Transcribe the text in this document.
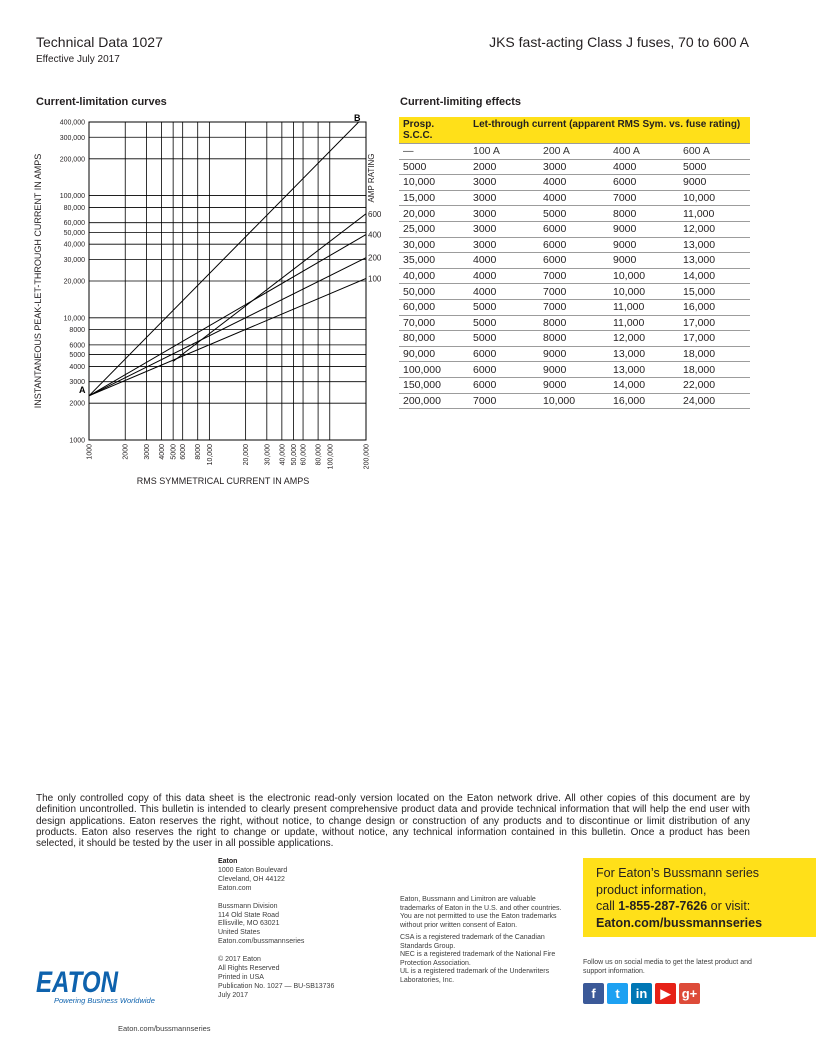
Technical Data 1027
Effective July 2017
JKS fast-acting Class J fuses, 70 to 600 A
Current-limitation curves	Current-limiting effects
1000
2000
3000
4000
5000
6000
8000
10,000
20,000
30,000
40,000
50,000
60,000
80,000
100,000
200,000
300,000
400,000
1000	2000 3000 4000 5000 6000 8000 10,000	20,000 30,000 40,000 50,000 60,000 80,000 100,000	200,000
INSTANTANEOUS PEAK-LET-THROUGH CURRENT IN AMPS
RMS SYMMETRICAL CURRENT IN AMPS
AMP RATING
A
B
600
400
200
100
Prosp. S.C.C.	Let-through current (apparent RMS Sym. vs. fuse rating)			
—	100 A	200 A	400 A	600 A
5000	2000	3000	4000	5000
10,000	3000	4000	6000	9000
15,000	3000	4000	7000	10,000
20,000	3000	5000	8000	11,000
25,000	3000	6000	9000	12,000
30,000	3000	6000	9000	13,000
35,000	4000	6000	9000	13,000
40,000	4000	7000	10,000	14,000
50,000	4000	7000	10,000	15,000
60,000	5000	7000	11,000	16,000
70,000	5000	8000	11,000	17,000
80,000	5000	8000	12,000	17,000
90,000	6000	9000	13,000	18,000
100,000	6000	9000	13,000	18,000
150,000	6000	9000	14,000	22,000
200,000	7000	10,000	16,000	24,000
The only controlled copy of this data sheet is the electronic read-only version located on the Eaton network drive. All other copies of this document are by definition uncontrolled. This bulletin is intended to clearly present comprehensive product data and provide technical information that will help the end user with design applications. Eaton reserves the right, without notice, to change design or construction of any products and to discontinue or limit distribution of any products. Eaton also reserves the right to change or update, without notice, any technical information contained in this bulletin. Once a product has been selected, it should be tested by the user in all possible applications.
Eaton
1000 Eaton Boulevard
Cleveland, OH 44122
Eaton.com
Bussmann Division
114 Old State Road
Ellisville, MO 63021
United States
Eaton.com/bussmannseries
© 2017 Eaton
All Rights Reserved
Printed in USA
Publication No. 1027 — BU-SB13736
July 2017

Eaton, Bussmann and Limitron are valuable trademarks of Eaton in the U.S. and other countries. You are not permitted to use the Eaton trademarks without prior written consent of Eaton.

CSA is a registered trademark of the Canadian Standards Group.
NEC is a registered trademark of the National Fire Protection Association.
UL is a registered trademark of the Underwriters Laboratories, Inc.
For Eaton’s Bussmann series
product information,
call 1-855-287-7626 or visit:
Eaton.com/bussmannseries
Follow us on social media to get the latest product and support information.
f	t	in	▶ g+
EATON
Powering Business Worldwide
Eaton.com/bussmannseries
